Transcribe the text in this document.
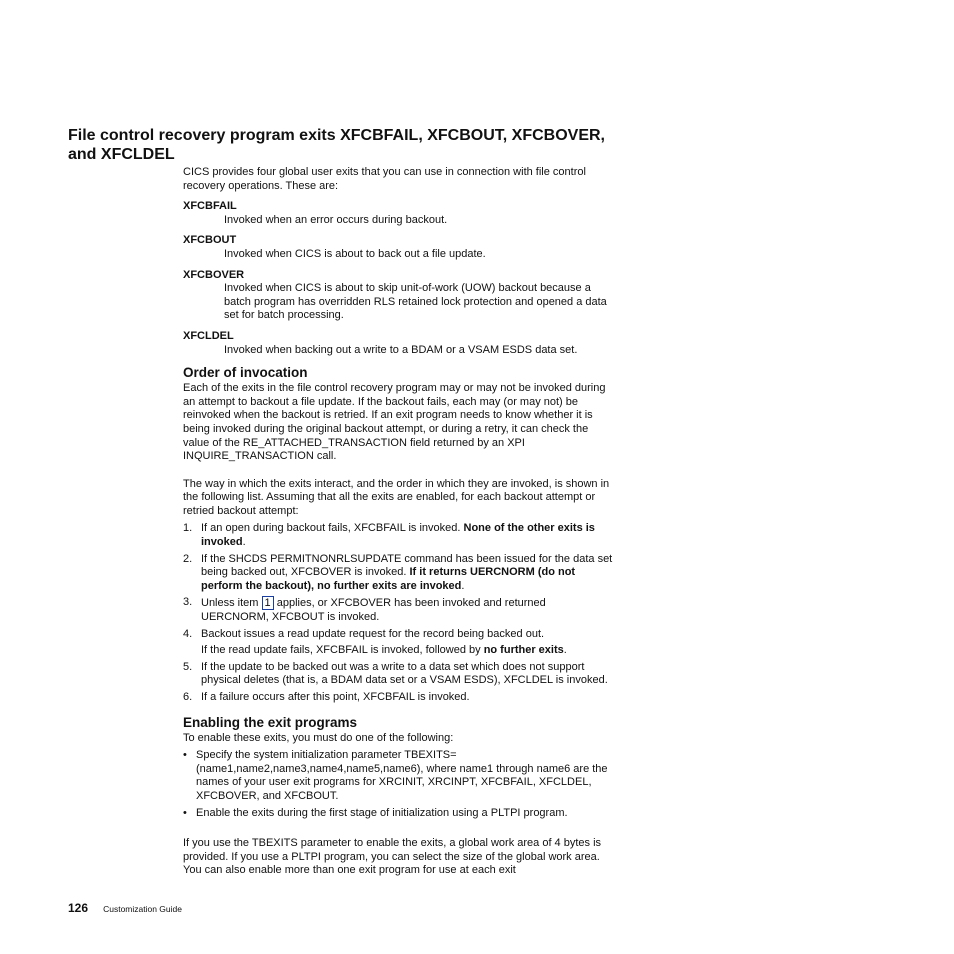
File control recovery program exits XFCBFAIL, XFCBOUT, XFCBOVER, and XFCLDEL

CICS provides four global user exits that you can use in connection with file control recovery operations. These are:

XFCBFAIL
Invoked when an error occurs during backout.
XFCBOUT
Invoked when CICS is about to back out a file update.
XFCBOVER
Invoked when CICS is about to skip unit-of-work (UOW) backout because a batch program has overridden RLS retained lock protection and opened a data set for batch processing.
XFCLDEL
Invoked when backing out a write to a BDAM or a VSAM ESDS data set.
Order of invocation

Each of the exits in the file control recovery program may or may not be invoked during an attempt to backout a file update. If the backout fails, each may (or may not) be reinvoked when the backout is retried. If an exit program needs to know whether it is being invoked during the original backout attempt, or during a retry, it can check the value of the RE_ATTACHED_TRANSACTION field returned by an XPI INQUIRE_TRANSACTION call.

The way in which the exits interact, and the order in which they are invoked, is shown in the following list. Assuming that all the exits are enabled, for each backout attempt or retried backout attempt:

1. If an open during backout fails, XFCBFAIL is invoked. None of the other exits is invoked.
2. If the SHCDS PERMITNONRLSUPDATE command has been issued for the data set being backed out, XFCBOVER is invoked. If it returns UERCNORM (do not perform the backout), no further exits are invoked.
3. Unless item 1 applies, or XFCBOVER has been invoked and returned UERCNORM, XFCBOUT is invoked.
4. Backout issues a read update request for the record being backed out.
If the read update fails, XFCBFAIL is invoked, followed by no further exits.
5. If the update to be backed out was a write to a data set which does not support physical deletes (that is, a BDAM data set or a VSAM ESDS), XFCLDEL is invoked.
6. If a failure occurs after this point, XFCBFAIL is invoked.
Enabling the exit programs

To enable these exits, you must do one of the following:

• Specify the system initialization parameter TBEXITS=(name1,name2,name3,name4,name5,name6), where name1 through name6 are the names of your user exit programs for XRCINIT, XRCINPT, XFCBFAIL, XFCLDEL, XFCBOVER, and XFCBOUT.
• Enable the exits during the first stage of initialization using a PLTPI program.

If you use the TBEXITS parameter to enable the exits, a global work area of 4 bytes is provided. If you use a PLTPI program, you can select the size of the global work area. You can also enable more than one exit program for use at each exit

126 Customization Guide
